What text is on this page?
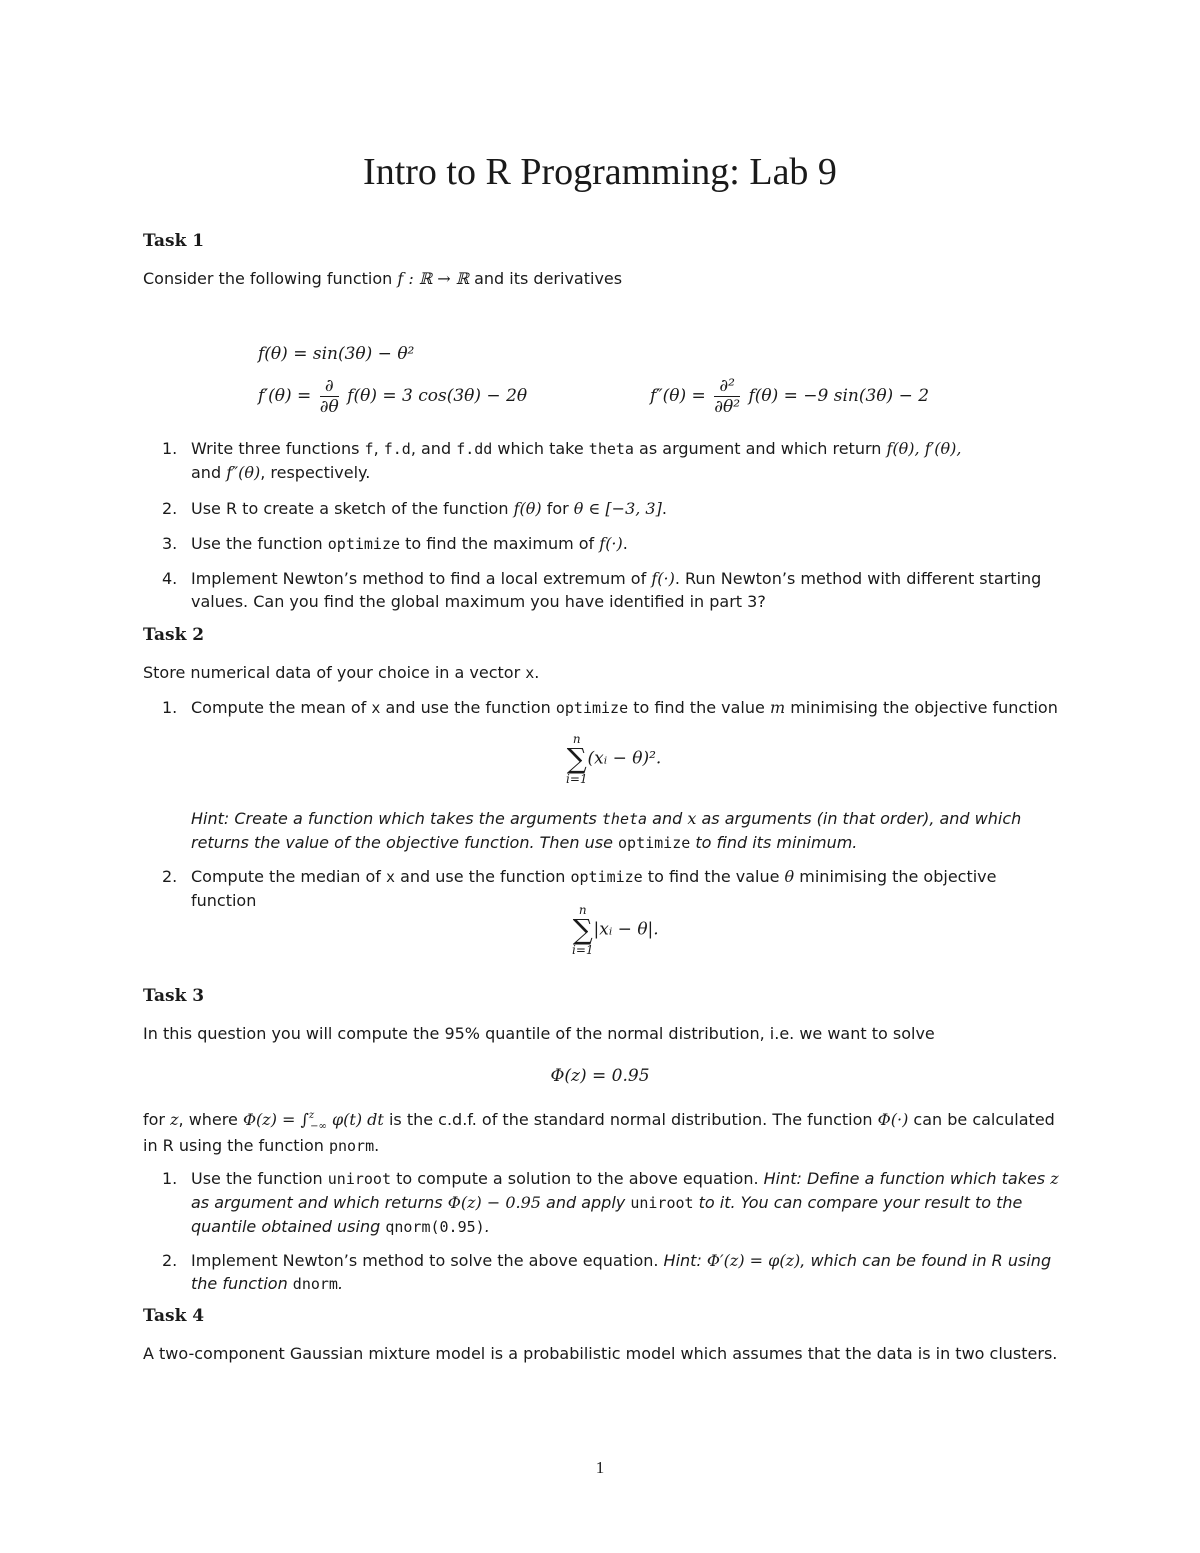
Intro to R Programming: Lab 9
Task 1
Consider the following function f : ℝ → ℝ and its derivatives
f(θ) = sin(3θ) − θ²
$f'(\theta) = \frac{\partial}{\partial\theta} f(\theta) = 3$ cos(3θ) − 2θ	$f''(\theta) = \frac{\text{∂²}}{\text{∂θ²}} f(\theta) = -9$ sin(3θ) − 2
1. Write three functions f, f.d, and f.dd which take theta as argument and which return f(θ), f′(θ),
and f″(θ), respectively.
2. Use R to create a sketch of the function f(θ) for θ ∈ [−3, 3].
3. Use the function optimize to find the maximum of f(·).
4. Implement Newton’s method to find a local extremum of f(·). Run Newton’s method with different starting values. Can you find the global maximum you have identified in part 3?
Task 2
Store numerical data of your choice in a vector x.
1. Compute the mean of x and use the function optimize to find the value m minimising the objective function
n
∑
i=1(xᵢ − θ)².
Hint: Create a function which takes the arguments theta and x as arguments (in that order), and which returns the value of the objective function. Then use optimize to find its minimum.
2. Compute the median of x and use the function optimize to find the value θ minimising the objective function	n
∑
i=1|xᵢ − θ|.
Task 3
In this question you will compute the 95% quantile of the normal distribution, i.e. we want to solve
Φ(z) = 0.95
for z, where Φ(z) = ∫$^z_{-\infty}$ φ(t) dt is the c.d.f. of the standard normal distribution. The function Φ(·) can be calculated in R using the function pnorm.
1. Use the function uniroot to compute a solution to the above equation. Hint: Define a function which takes z as argument and which returns Φ(z) − 0.95 and apply uniroot to it. You can compare your result to the quantile obtained using qnorm(0.95).
2. Implement Newton’s method to solve the above equation. Hint: Φ′(z) = φ(z), which can be found in R using the function dnorm.
Task 4
A two-component Gaussian mixture model is a probabilistic model which assumes that the data is in two clusters.
1
